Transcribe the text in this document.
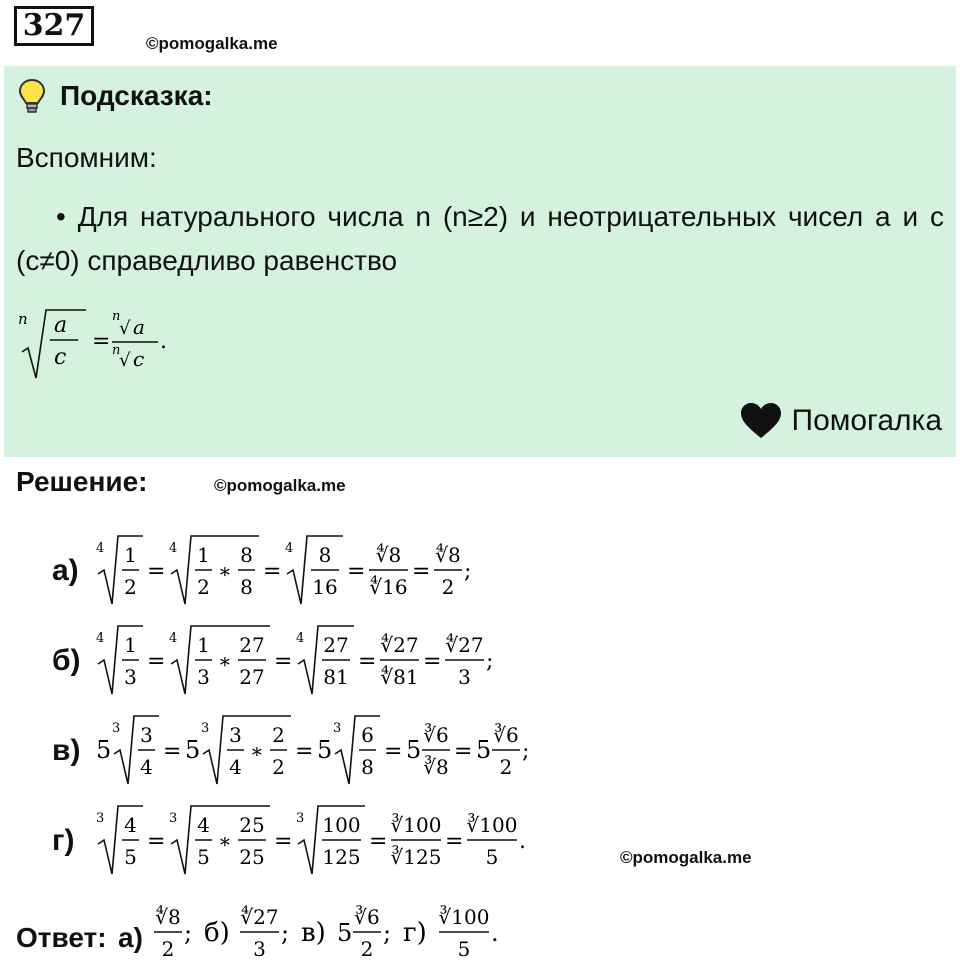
327
©pomogalka.me
Подсказка:
Вспомним:
• Для натурального числа n (n≥2) и неотрицательных чисел а и с (с≠0) справедливо равенство
n a
c
=
n
√ a
n
√ c
.
Помогалка
Решение:	©pomogalka.me
а)
б)
в)
г)
4 1
2
=
4 1
2
∗
8
8
=
4 8
16
=
∜8
∜16
=
∜8
2
;
4 1
3
=
4 1
3
∗
27
27
=
4 27
81
=
∜27
∜81
=
∜27
3
;
5
3 3
4
= 5
3 3
4
∗
2
2
= 5
3 6
8
= 5
∛6
∛8
= 5
∛6
2
;
3 4
5
=
3 4
5
∗
25
25
=
3 100
125
=
∛100
∛125
=
∛100
5
.
©pomogalka.me
Ответ:
∜8
2
; б)
∜27
3
; в) 5
∛6
2
; г)
∛100
5
.
а)
